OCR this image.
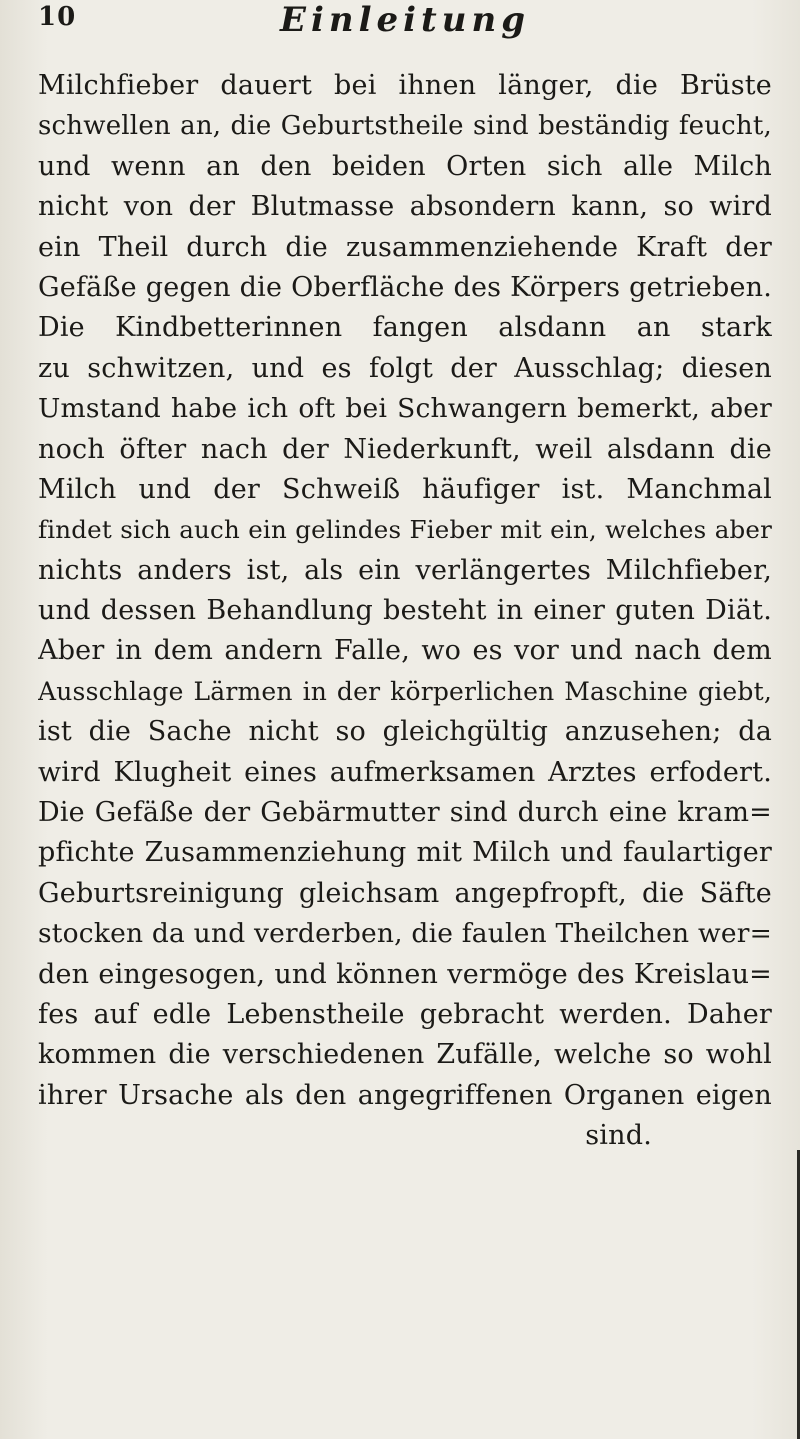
10	Einleitung
Milchfieber dauert bei ihnen länger, die Brüste
schwellen an, die Geburtstheile sind beständig feucht,
und wenn an den beiden Orten sich alle Milch
nicht von der Blutmasse absondern kann, so wird
ein Theil durch die zusammenziehende Kraft der
Gefäße gegen die Oberfläche des Körpers getrieben.
Die Kindbetterinnen fangen alsdann an stark
zu schwitzen, und es folgt der Ausschlag; diesen
Umstand habe ich oft bei Schwangern bemerkt, aber
noch öfter nach der Niederkunft, weil alsdann die
Milch und der Schweiß häufiger ist. Manchmal
findet sich auch ein gelindes Fieber mit ein, welches aber
nichts anders ist, als ein verlängertes Milchfieber,
und dessen Behandlung besteht in einer guten Diät.
Aber in dem andern Falle, wo es vor und nach dem
Ausschlage Lärmen in der körperlichen Maschine giebt,
ist die Sache nicht so gleichgültig anzusehen; da
wird Klugheit eines aufmerksamen Arztes erfodert.
Die Gefäße der Gebärmutter sind durch eine kram=
pfichte Zusammenziehung mit Milch und faulartiger
Geburtsreinigung gleichsam angepfropft, die Säfte
stocken da und verderben, die faulen Theilchen wer=
den eingesogen, und können vermöge des Kreislau=
fes auf edle Lebenstheile gebracht werden. Daher
kommen die verschiedenen Zufälle, welche so wohl
ihrer Ursache als den angegriffenen Organen eigen
sind.
